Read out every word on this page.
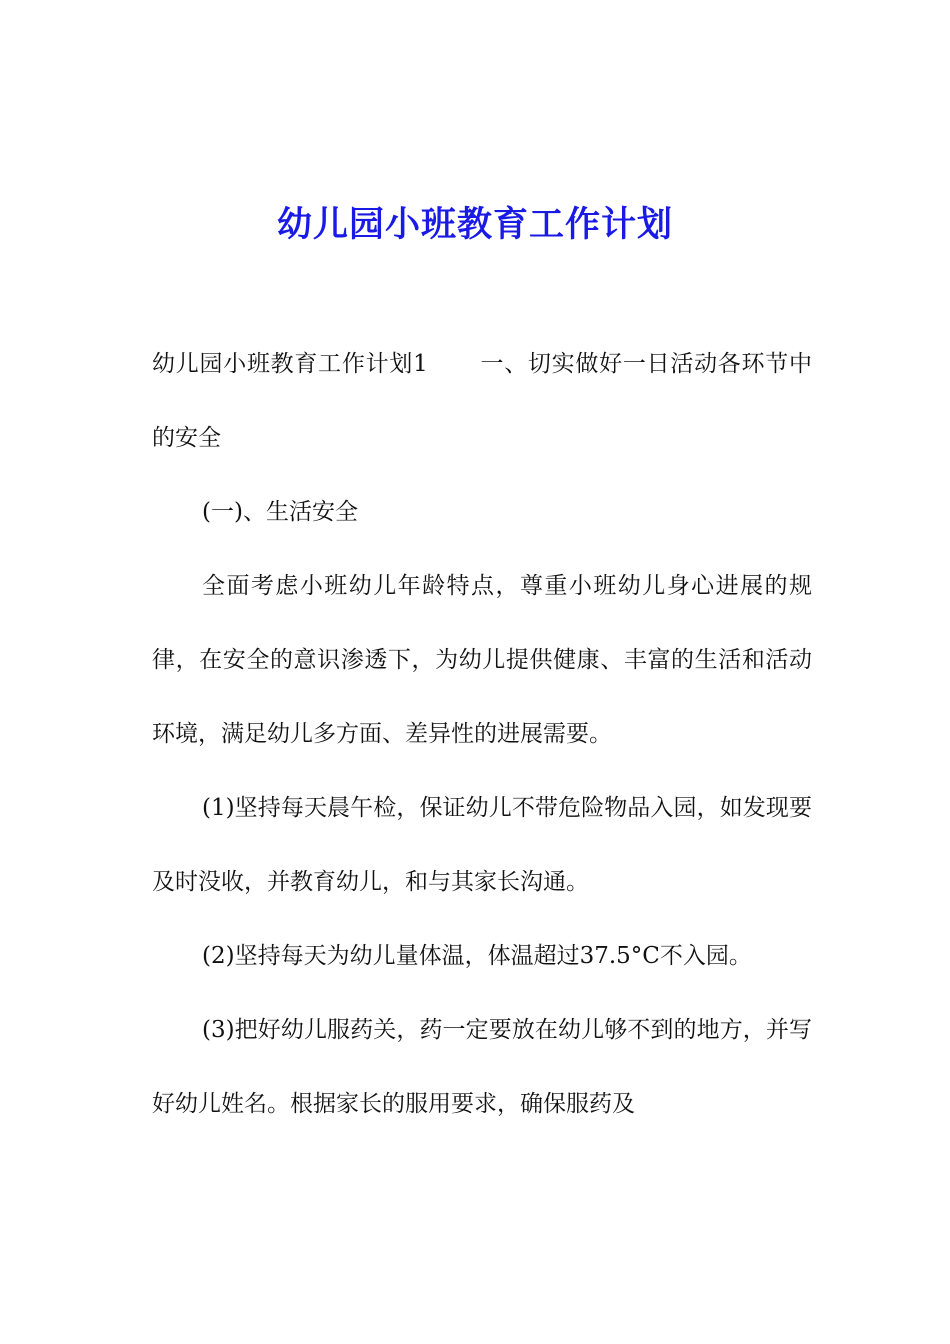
幼儿园小班教育工作计划

幼儿园小班教育工作计划1 一、切实做好一日活动各环节中的安全

(一)、生活安全

全面考虑小班幼儿年龄特点，尊重小班幼儿身心进展的规律，在安全的意识渗透下，为幼儿提供健康、丰富的生活和活动环境，满足幼儿多方面、差异性的进展需要。

(1)坚持每天晨午检，保证幼儿不带危险物品入园，如发现要及时没收，并教育幼儿，和与其家长沟通。

(2)坚持每天为幼儿量体温，体温超过37.5°C不入园。

(3)把好幼儿服药关，药一定要放在幼儿够不到的地方，并写好幼儿姓名。根据家长的服用要求，确保服药及
